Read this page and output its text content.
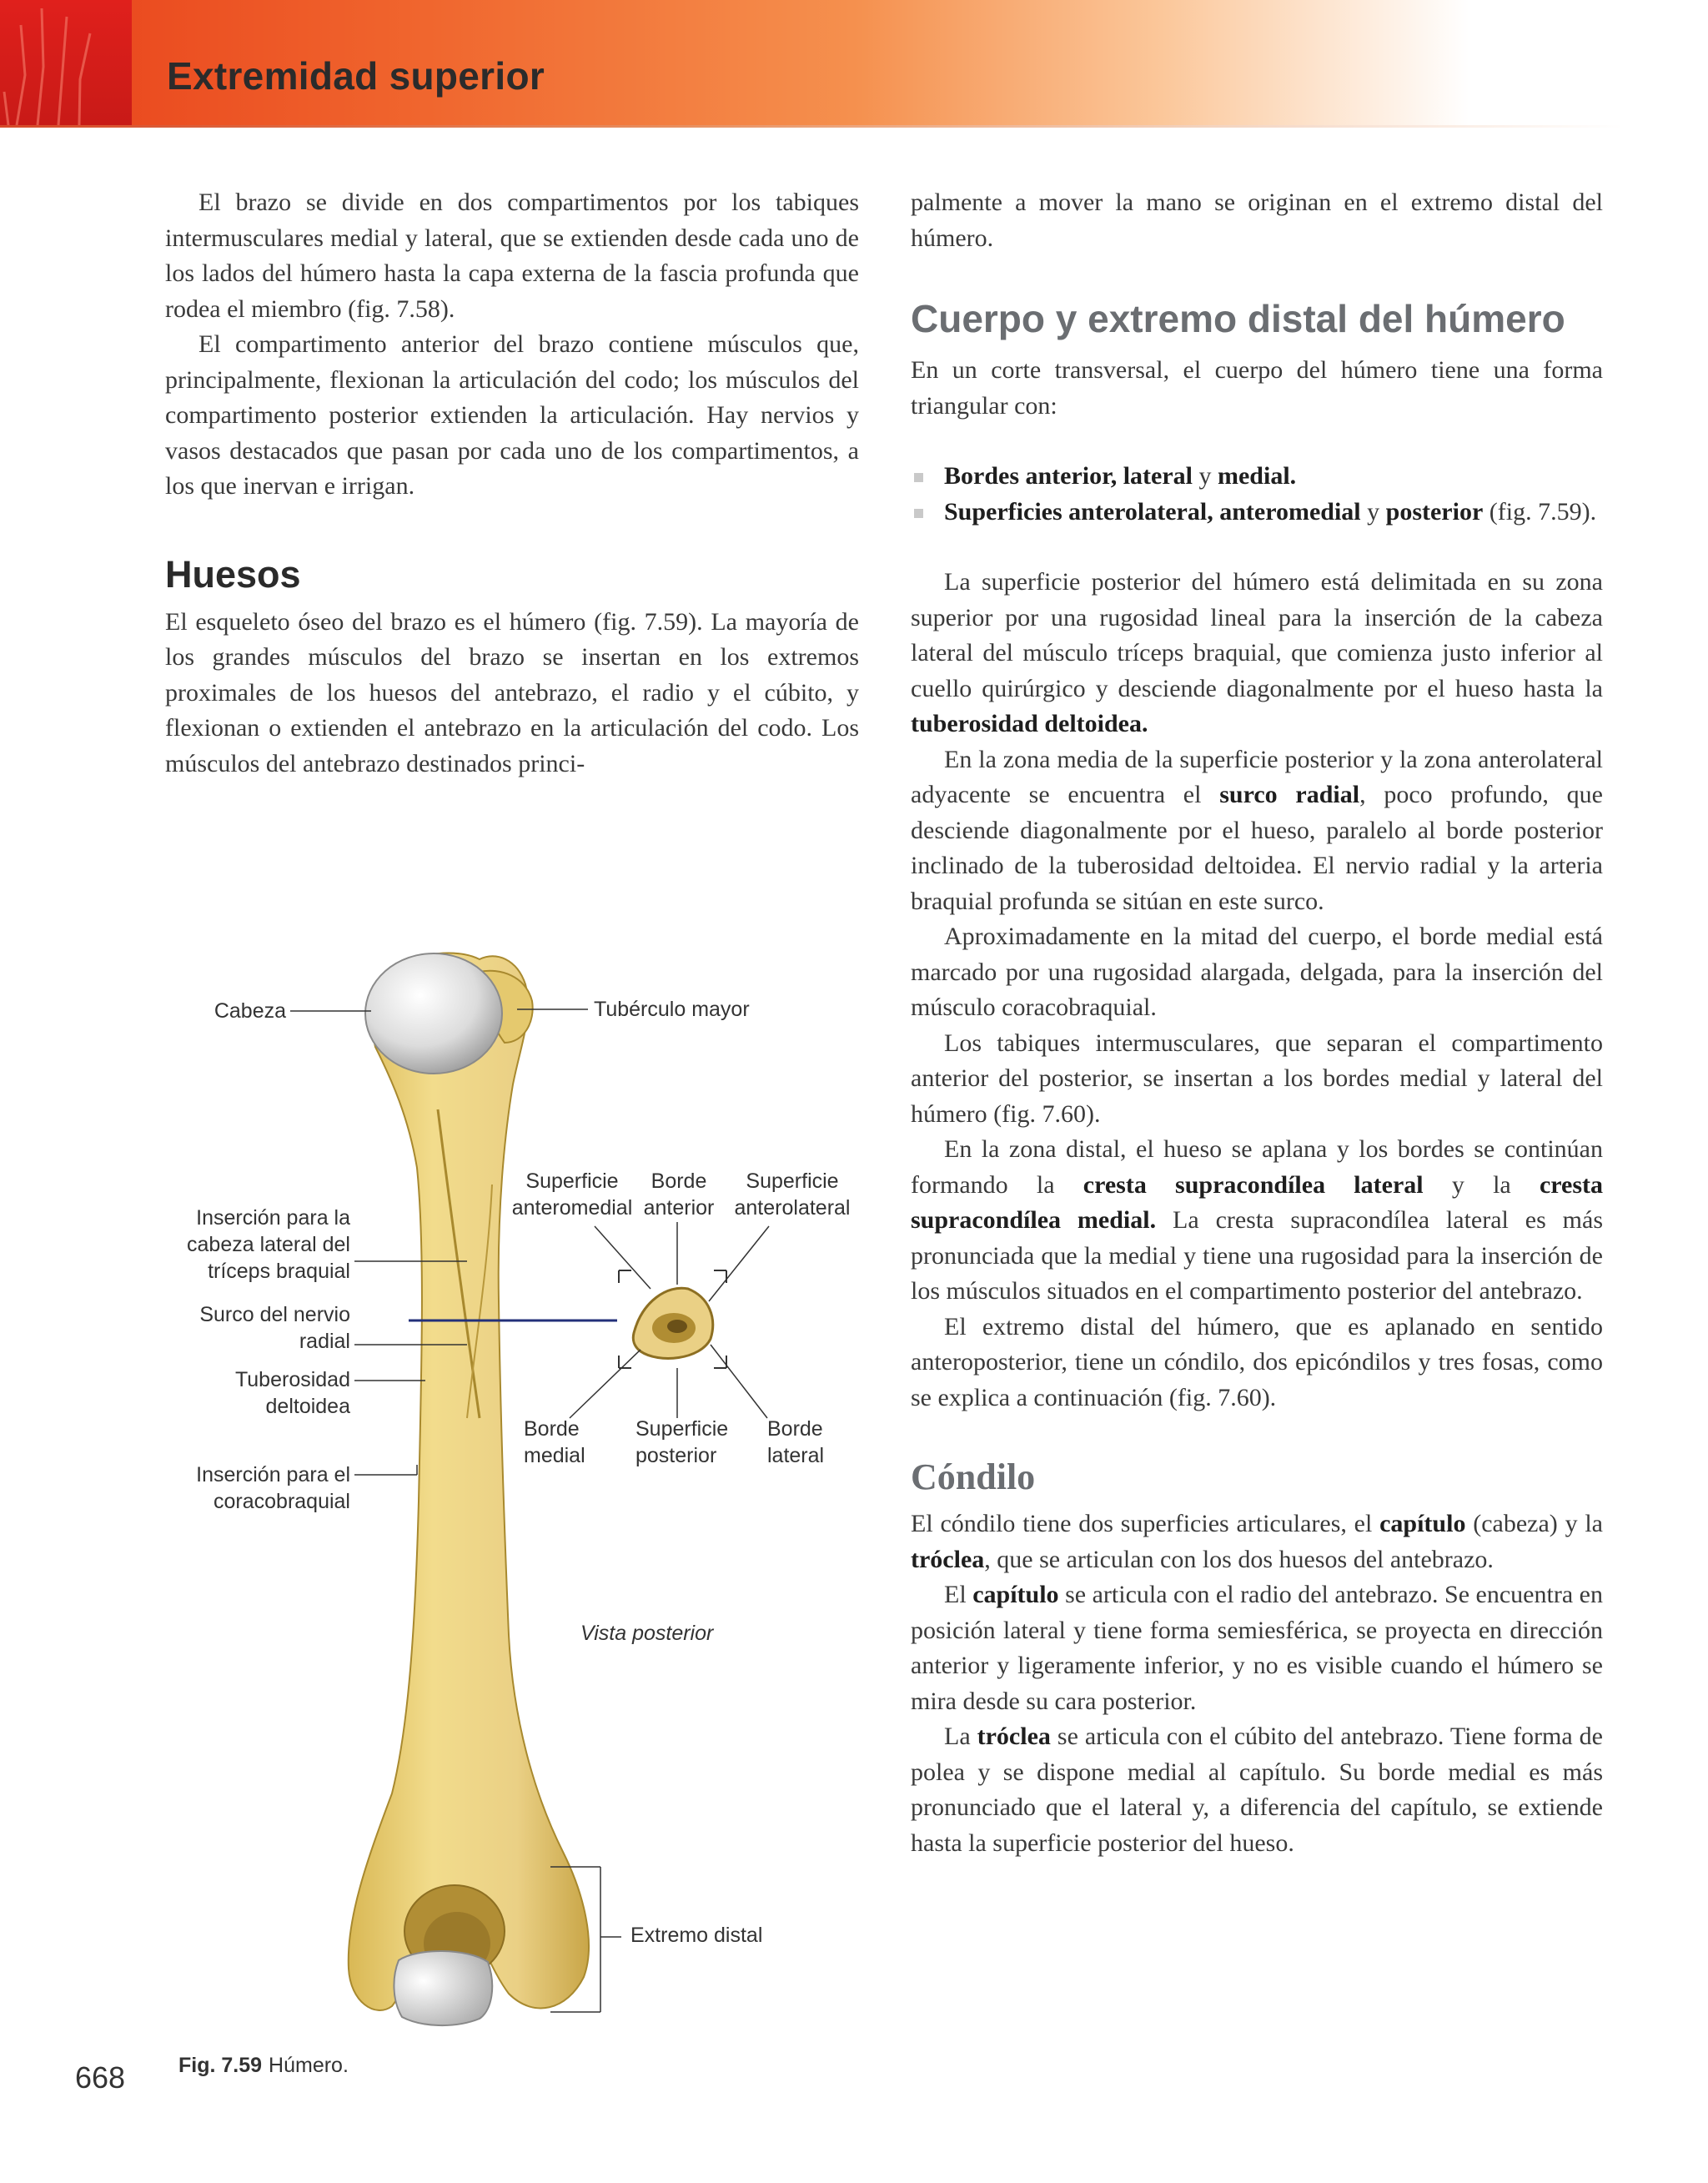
Extremidad superior

El brazo se divide en dos compartimentos por los tabiques intermusculares medial y lateral, que se extienden desde cada uno de los lados del húmero hasta la capa externa de la fascia profunda que rodea el miembro (fig. 7.58).

El compartimento anterior del brazo contiene músculos que, principalmente, flexionan la articulación del codo; los músculos del compartimento posterior extienden la articulación. Hay nervios y vasos destacados que pasan por cada uno de los compartimentos, a los que inervan e irrigan.

Huesos

El esqueleto óseo del brazo es el húmero (fig. 7.59). La mayoría de los grandes músculos del brazo se insertan en los extremos proximales de los huesos del antebrazo, el radio y el cúbito, y flexionan o extienden el antebrazo en la articulación del codo. Los músculos del antebrazo destinados princi-

Cabeza	Tubérculo mayor
Inserción para la cabeza lateral del tríceps braquial
Surco del nervio radial
Tuberosidad deltoidea
Inserción para el coracobraquial
Superficie anteromedial
Borde anterior
Superficie anterolateral
Borde medial
Superficie posterior
Borde lateral
Vista posterior
Extremo distal
668	Fig. 7.59 Húmero.

palmente a mover la mano se originan en el extremo distal del húmero.

Cuerpo y extremo distal del húmero

En un corte transversal, el cuerpo del húmero tiene una forma triangular con:

Bordes anterior, lateral y medial.
Superficies anterolateral, anteromedial y posterior (fig. 7.59).

La superficie posterior del húmero está delimitada en su zona superior por una rugosidad lineal para la inserción de la cabeza lateral del músculo tríceps braquial, que comienza justo inferior al cuello quirúrgico y desciende diagonalmente por el hueso hasta la tuberosidad deltoidea.

En la zona media de la superficie posterior y la zona anterolateral adyacente se encuentra el surco radial, poco profundo, que desciende diagonalmente por el hueso, paralelo al borde posterior inclinado de la tuberosidad deltoidea. El nervio radial y la arteria braquial profunda se sitúan en este surco.

Aproximadamente en la mitad del cuerpo, el borde medial está marcado por una rugosidad alargada, delgada, para la inserción del músculo coracobraquial.

Los tabiques intermusculares, que separan el compartimento anterior del posterior, se insertan a los bordes medial y lateral del húmero (fig. 7.60).

En la zona distal, el hueso se aplana y los bordes se continúan formando la cresta supracondílea lateral y la cresta supracondílea medial. La cresta supracondílea lateral es más pronunciada que la medial y tiene una rugosidad para la inserción de los músculos situados en el compartimento posterior del antebrazo.

El extremo distal del húmero, que es aplanado en sentido anteroposterior, tiene un cóndilo, dos epicóndilos y tres fosas, como se explica a continuación (fig. 7.60).

Cóndilo

El cóndilo tiene dos superficies articulares, el capítulo (cabeza) y la tróclea, que se articulan con los dos huesos del antebrazo.

El capítulo se articula con el radio del antebrazo. Se encuentra en posición lateral y tiene forma semiesférica, se proyecta en dirección anterior y ligeramente inferior, y no es visible cuando el húmero se mira desde su cara posterior.

La tróclea se articula con el cúbito del antebrazo. Tiene forma de polea y se dispone medial al capítulo. Su borde medial es más pronunciado que el lateral y, a diferencia del capítulo, se extiende hasta la superficie posterior del hueso.
